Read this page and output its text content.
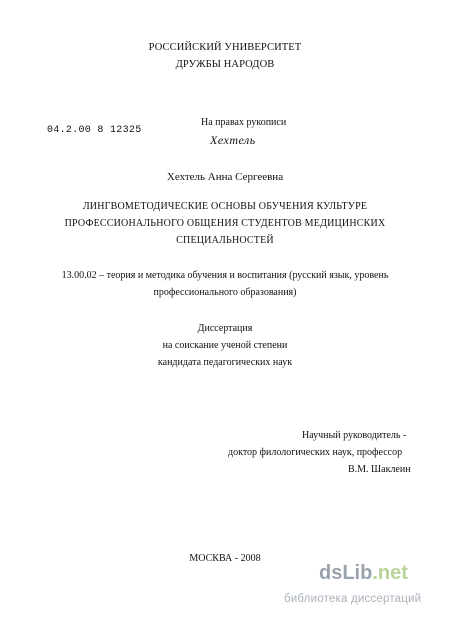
РОССИЙСКИЙ УНИВЕРСИТЕТ
ДРУЖБЫ НАРОДОВ
На правах рукописи
Хехтель
04.2.00 8 12325
Хехтель Анна Сергеевна
ЛИНГВОМЕТОДИЧЕСКИЕ ОСНОВЫ ОБУЧЕНИЯ КУЛЬТУРЕ
ПРОФЕССИОНАЛЬНОГО ОБЩЕНИЯ СТУДЕНТОВ МЕДИЦИНСКИХ
СПЕЦИАЛЬНОСТЕЙ
13.00.02 – теория и методика обучения и воспитания (русский язык, уровень
профессионального образования)
Диссертация
на соискание ученой степени
кандидата педагогических наук
Научный руководитель -
доктор филологических наук, профессор
В.М. Шаклеин
МОСКВА - 2008
dsLib.net
библиотека диссертаций
